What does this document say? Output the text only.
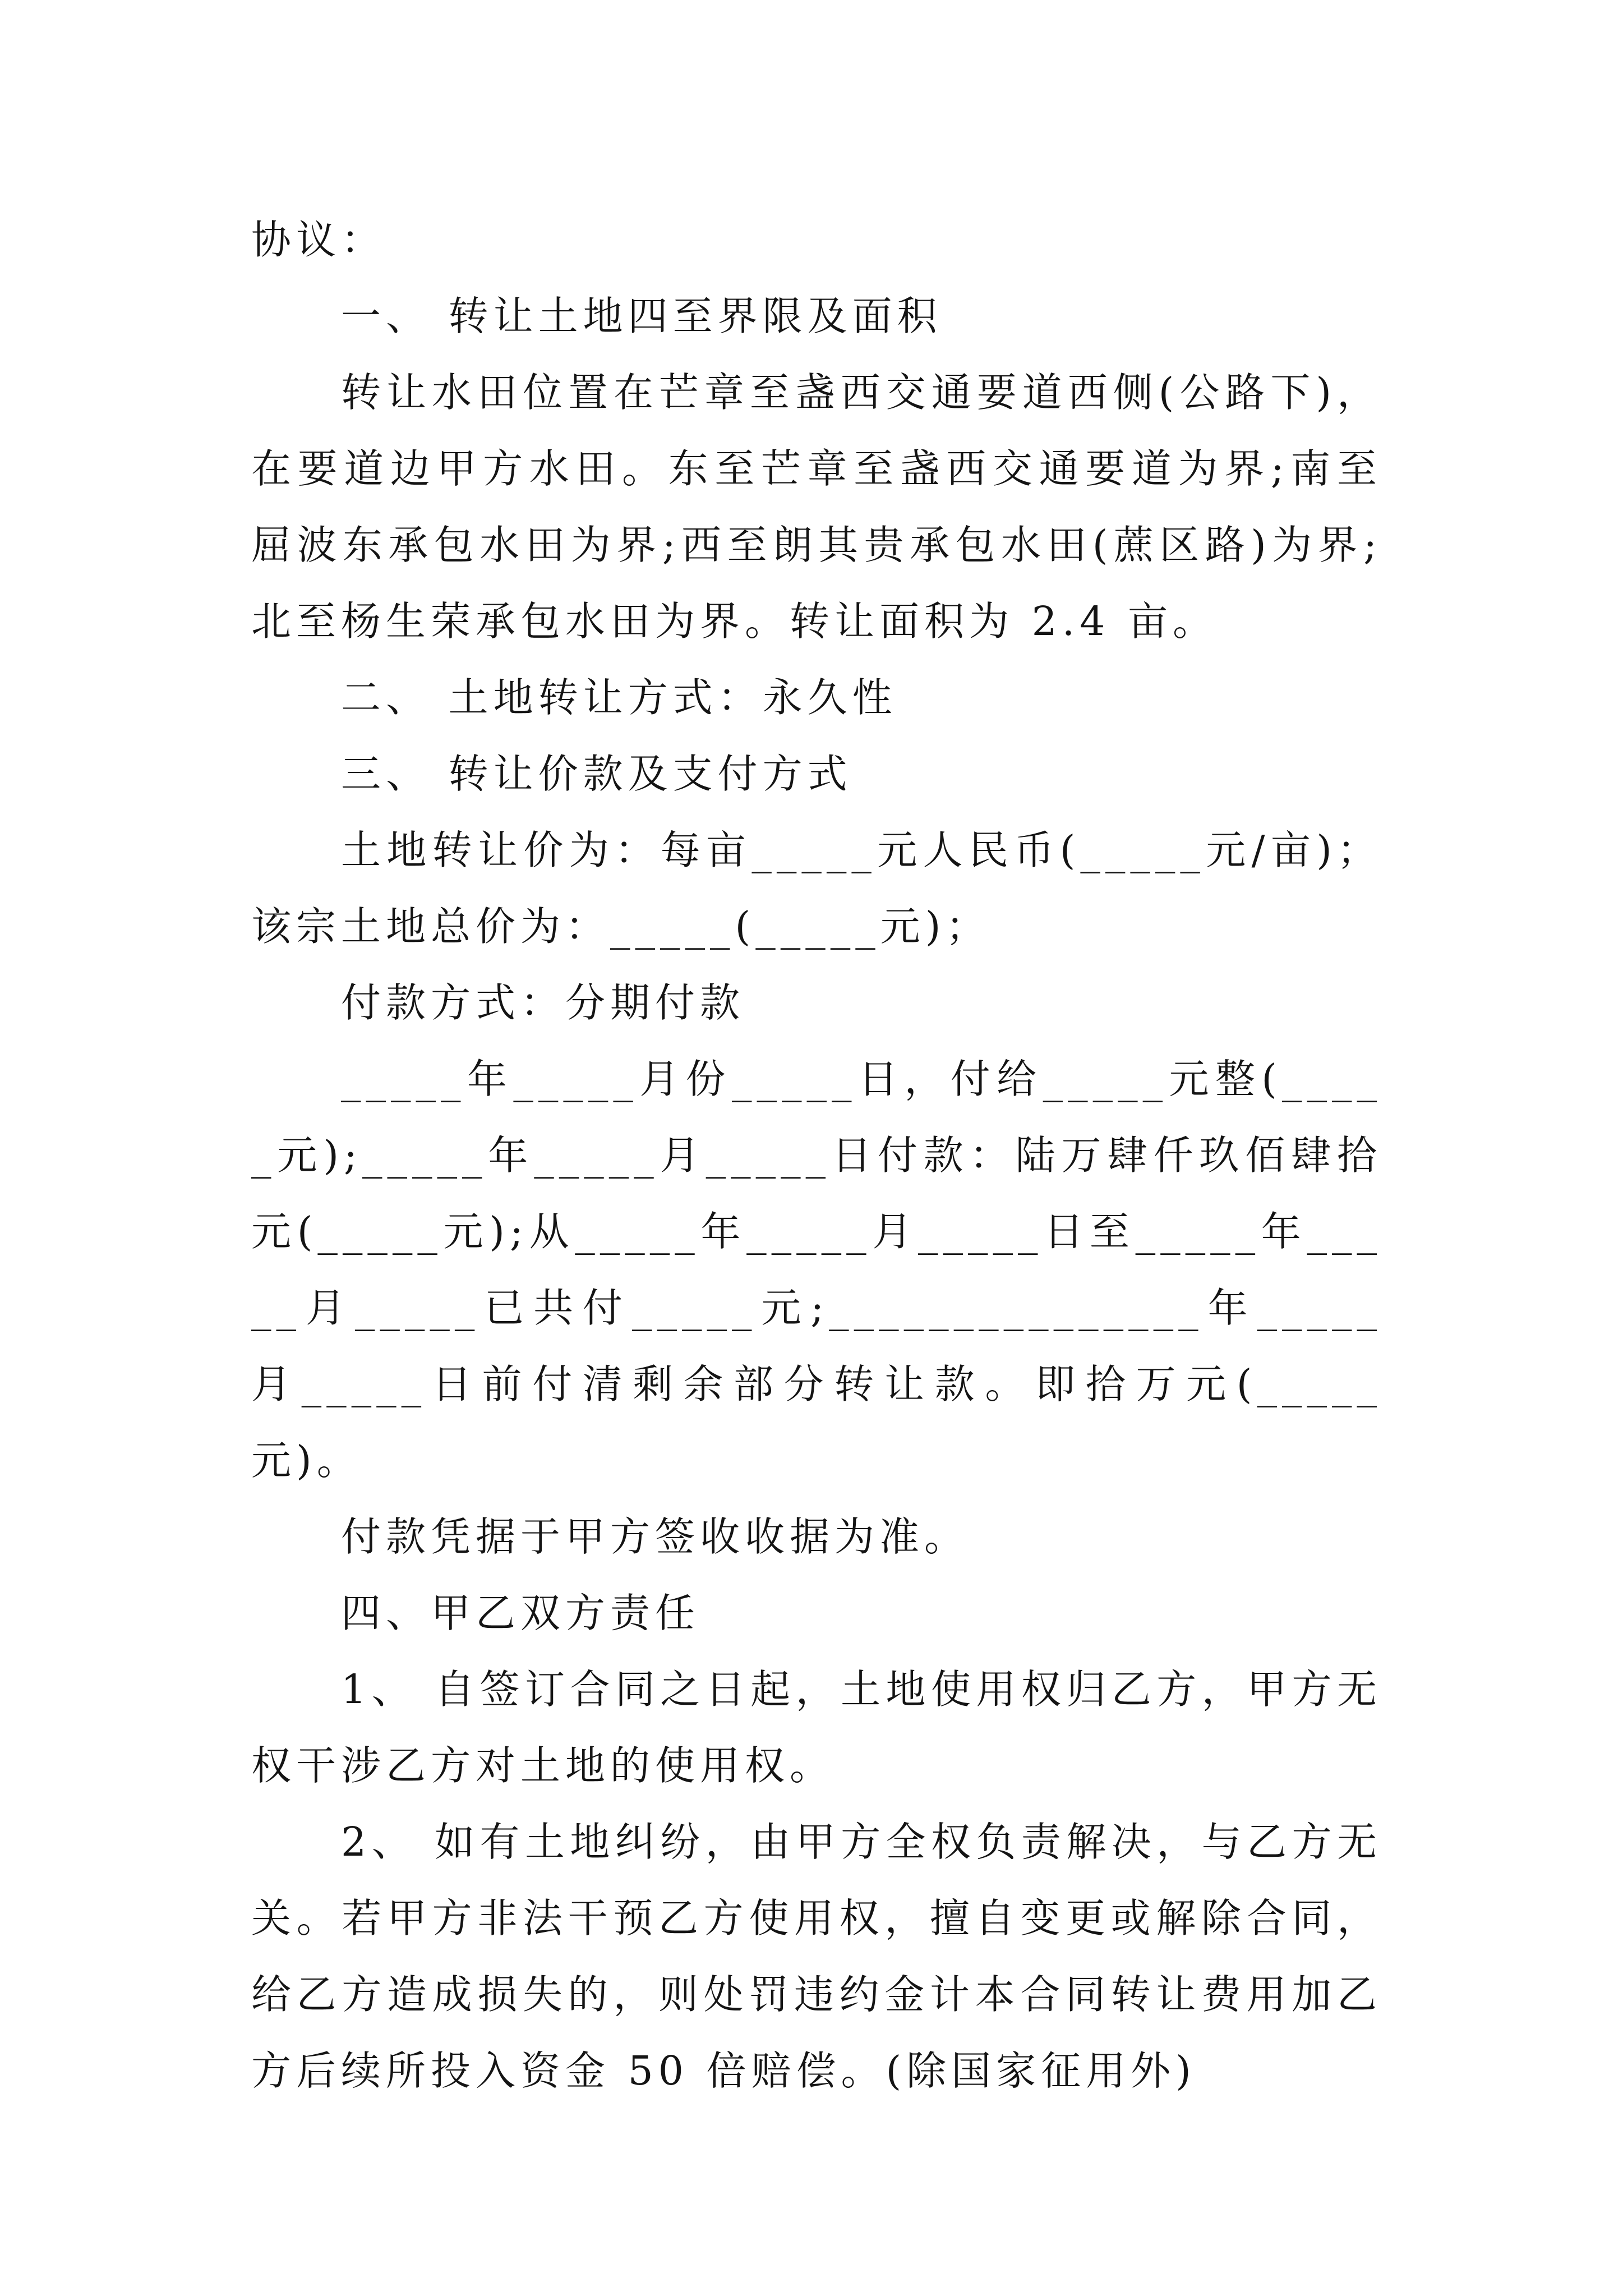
协议：

一、 转让土地四至界限及面积

转让水田位置在芒章至盏西交通要道西侧(公路下)，在要道边甲方水田。东至芒章至盏西交通要道为界;南至屈波东承包水田为界;西至朗其贵承包水田(蔗区路)为界;北至杨生荣承包水田为界。转让面积为 2.4 亩。

二、 土地转让方式：永久性

三、 转让价款及支付方式

土地转让价为：每亩_____元人民币(_____元/亩)；该宗土地总价为：_____(_____元)；

付款方式：分期付款

_____年_____月份_____日，付给_____元整(_____元);_____年_____月_____日付款：陆万肆仟玖佰肆拾元(_____元);从_____年_____月_____日至_____年_____月_____已共付_____元;_______________年_____月_____日前付清剩余部分转让款。即拾万元(_____元)。

付款凭据于甲方签收收据为准。

四、甲乙双方责任

1、 自签订合同之日起，土地使用权归乙方，甲方无权干涉乙方对土地的使用权。

2、 如有土地纠纷，由甲方全权负责解决，与乙方无关。若甲方非法干预乙方使用权，擅自变更或解除合同，给乙方造成损失的，则处罚违约金计本合同转让费用加乙方后续所投入资金 50 倍赔偿。(除国家征用外)
